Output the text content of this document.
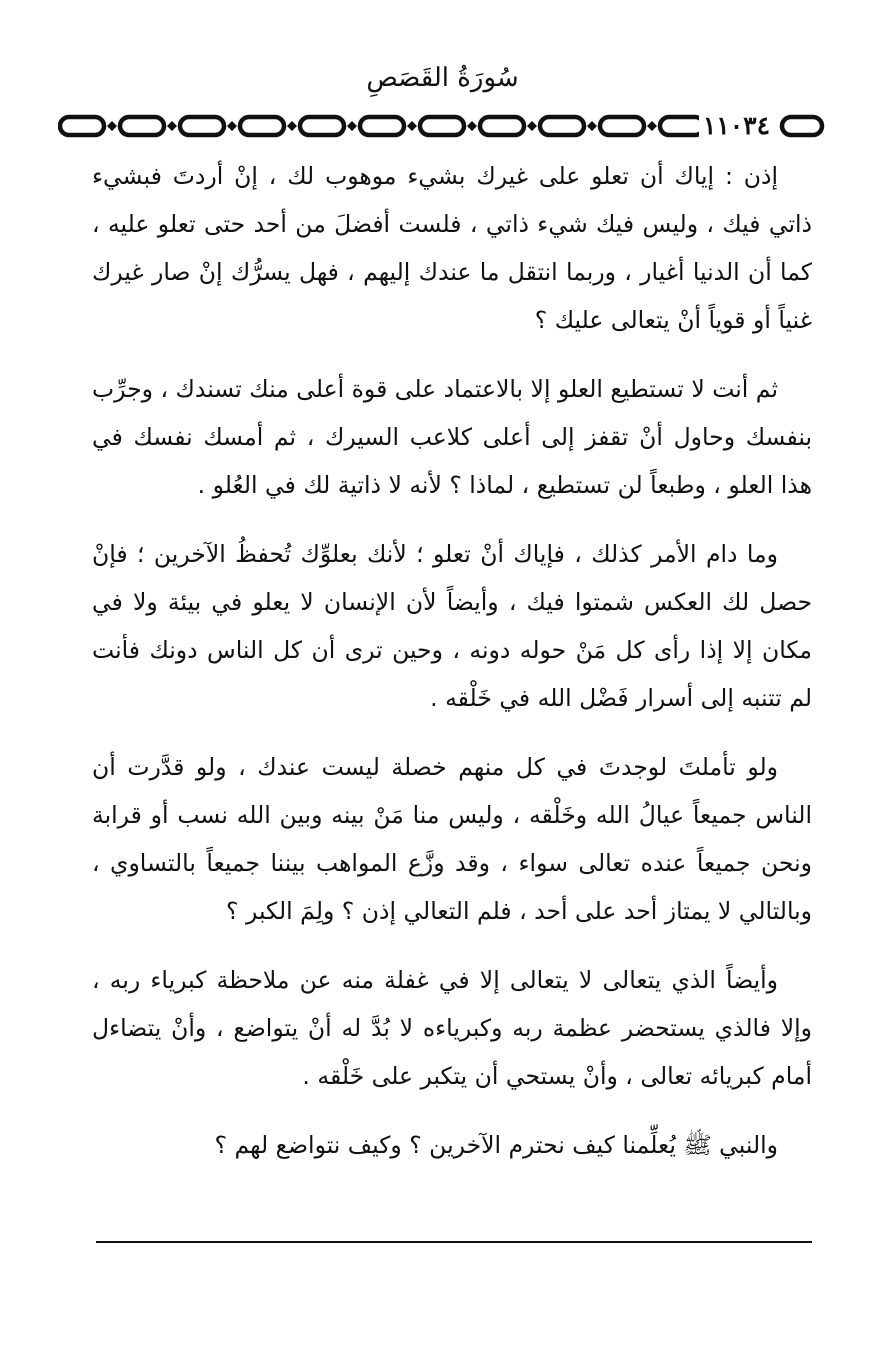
سُورَةُ القَصَصِ
١١٠٣٤

إذن : إياك أن تعلو على غيرك بشيء موهوب لك ، إنْ أردتَ فبشيء ذاتي فيك ، وليس فيك شيء ذاتي ، فلست أفضلَ من أحد حتى تعلو عليه ، كما أن الدنيا أغيار ، وربما انتقل ما عندك إليهم ، فهل يسرُّك إنْ صار غيرك غنياً أو قوياً أنْ يتعالى عليك ؟

ثم أنت لا تستطيع العلو إلا بالاعتماد على قوة أعلى منك تسندك ، وجرِّب بنفسك وحاول أنْ تقفز إلى أعلى كلاعب السيرك ، ثم أمسك نفسك في هذا العلو ، وطبعاً لن تستطيع ، لماذا ؟ لأنه لا ذاتية لك في العُلو .

وما دام الأمر كذلك ، فإياك أنْ تعلو ؛ لأنك بعلوِّك تُحفظُ الآخرين ؛ فإنْ حصل لك العكس شمتوا فيك ، وأيضاً لأن الإنسان لا يعلو في بيئة ولا في مكان إلا إذا رأى كل مَنْ حوله دونه ، وحين ترى أن كل الناس دونك فأنت لم تتنبه إلى أسرار فَضْل الله في خَلْقه .

ولو تأملتَ لوجدتَ في كل منهم خصلة ليست عندك ، ولو قدَّرت أن الناس جميعاً عيالُ الله وخَلْقه ، وليس منا مَنْ بينه وبين الله نسب أو قرابة ونحن جميعاً عنده تعالى سواء ، وقد وزَّع المواهب بيننا جميعاً بالتساوي ، وبالتالي لا يمتاز أحد على أحد ، فلم التعالي إذن ؟ ولِمَ الكبر ؟

وأيضاً الذي يتعالى لا يتعالى إلا في غفلة منه عن ملاحظة كبرياء ربه ، وإلا فالذي يستحضر عظمة ربه وكبرياءه لا بُدَّ له أنْ يتواضع ، وأنْ يتضاءل أمام كبريائه تعالى ، وأنْ يستحي أن يتكبر على خَلْقه .

والنبي ﷺ يُعلِّمنا كيف نحترم الآخرين ؟ وكيف نتواضع لهم ؟
